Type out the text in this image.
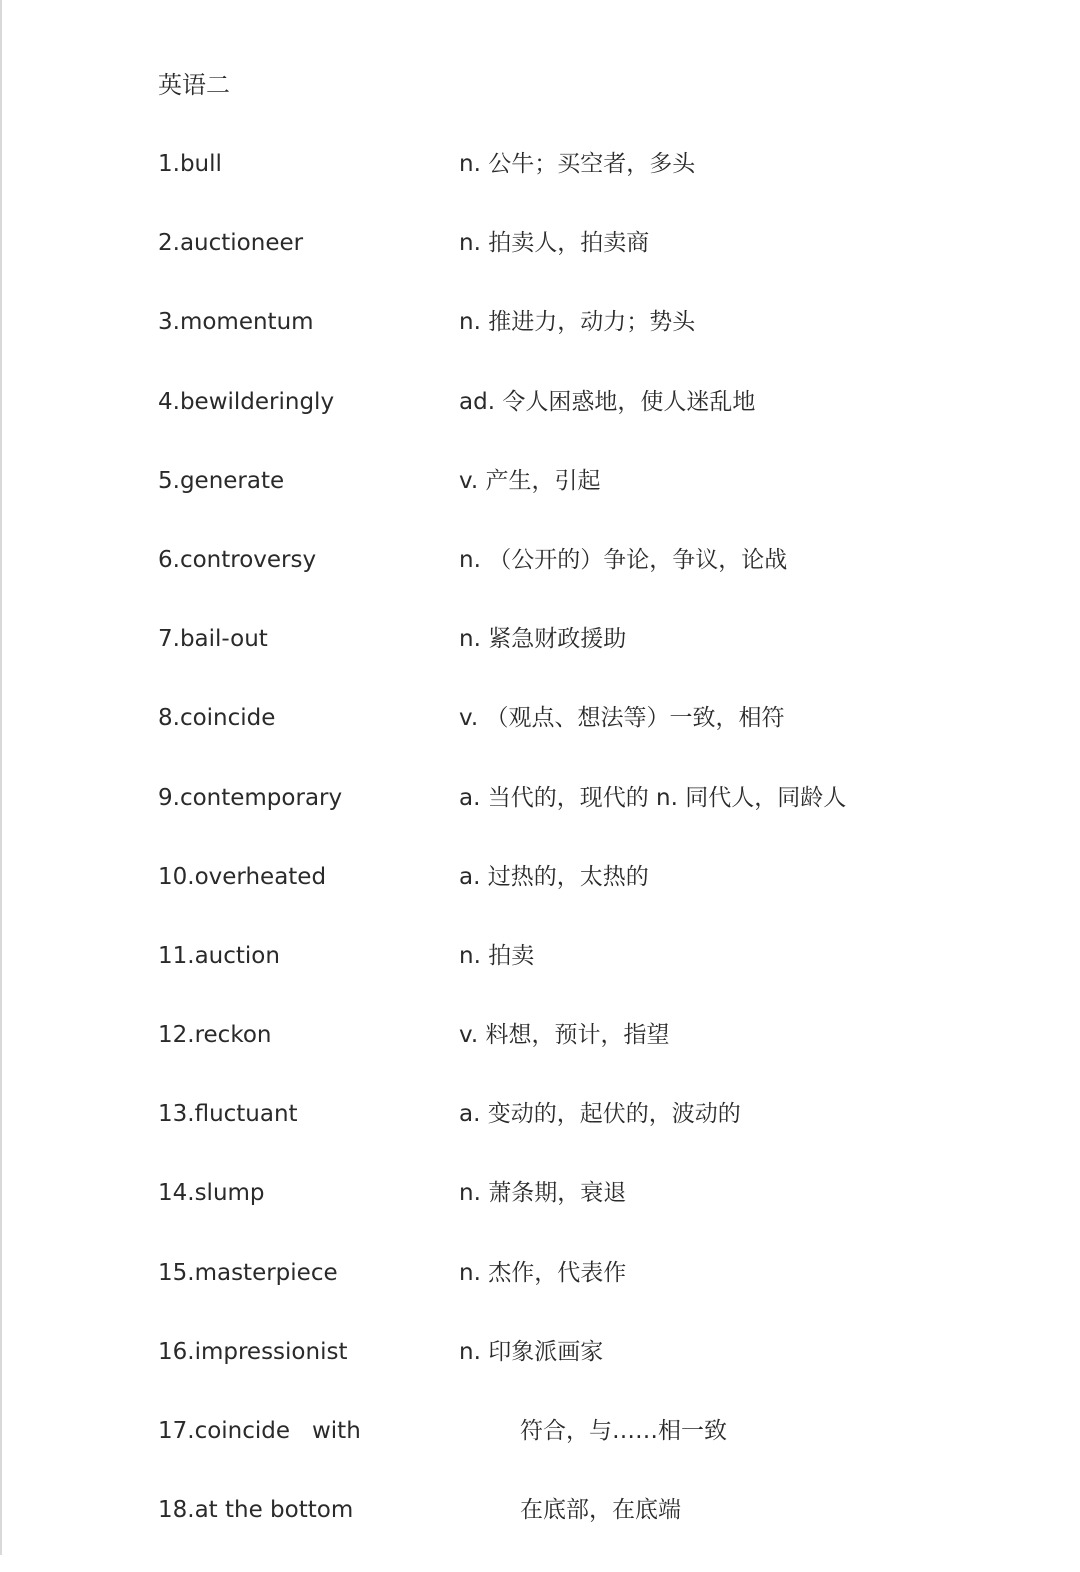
英语二
1.bull	n. 公牛；买空者，多头
2.auctioneer	n. 拍卖人，拍卖商
3.momentum	n. 推进力，动力；势头
4.bewilderingly	ad. 令人困惑地，使人迷乱地
5.generate	v. 产生，引起
6.controversy	n. （公开的）争论，争议，论战
7.bail-out	n. 紧急财政援助
8.coincide	v. （观点、想法等）一致，相符
9.contemporary	a. 当代的，现代的 n. 同代人，同龄人
10.overheated	a. 过热的，太热的
11.auction	n. 拍卖
12.reckon	v. 料想，预计，指望
13.fluctuant	a. 变动的，起伏的，波动的
14.slump	n. 萧条期，衰退
15.masterpiece	n. 杰作，代表作
16.impressionist	n. 印象派画家
17.coincide   with	符合，与……相一致
18.at the bottom	在底部，在底端
